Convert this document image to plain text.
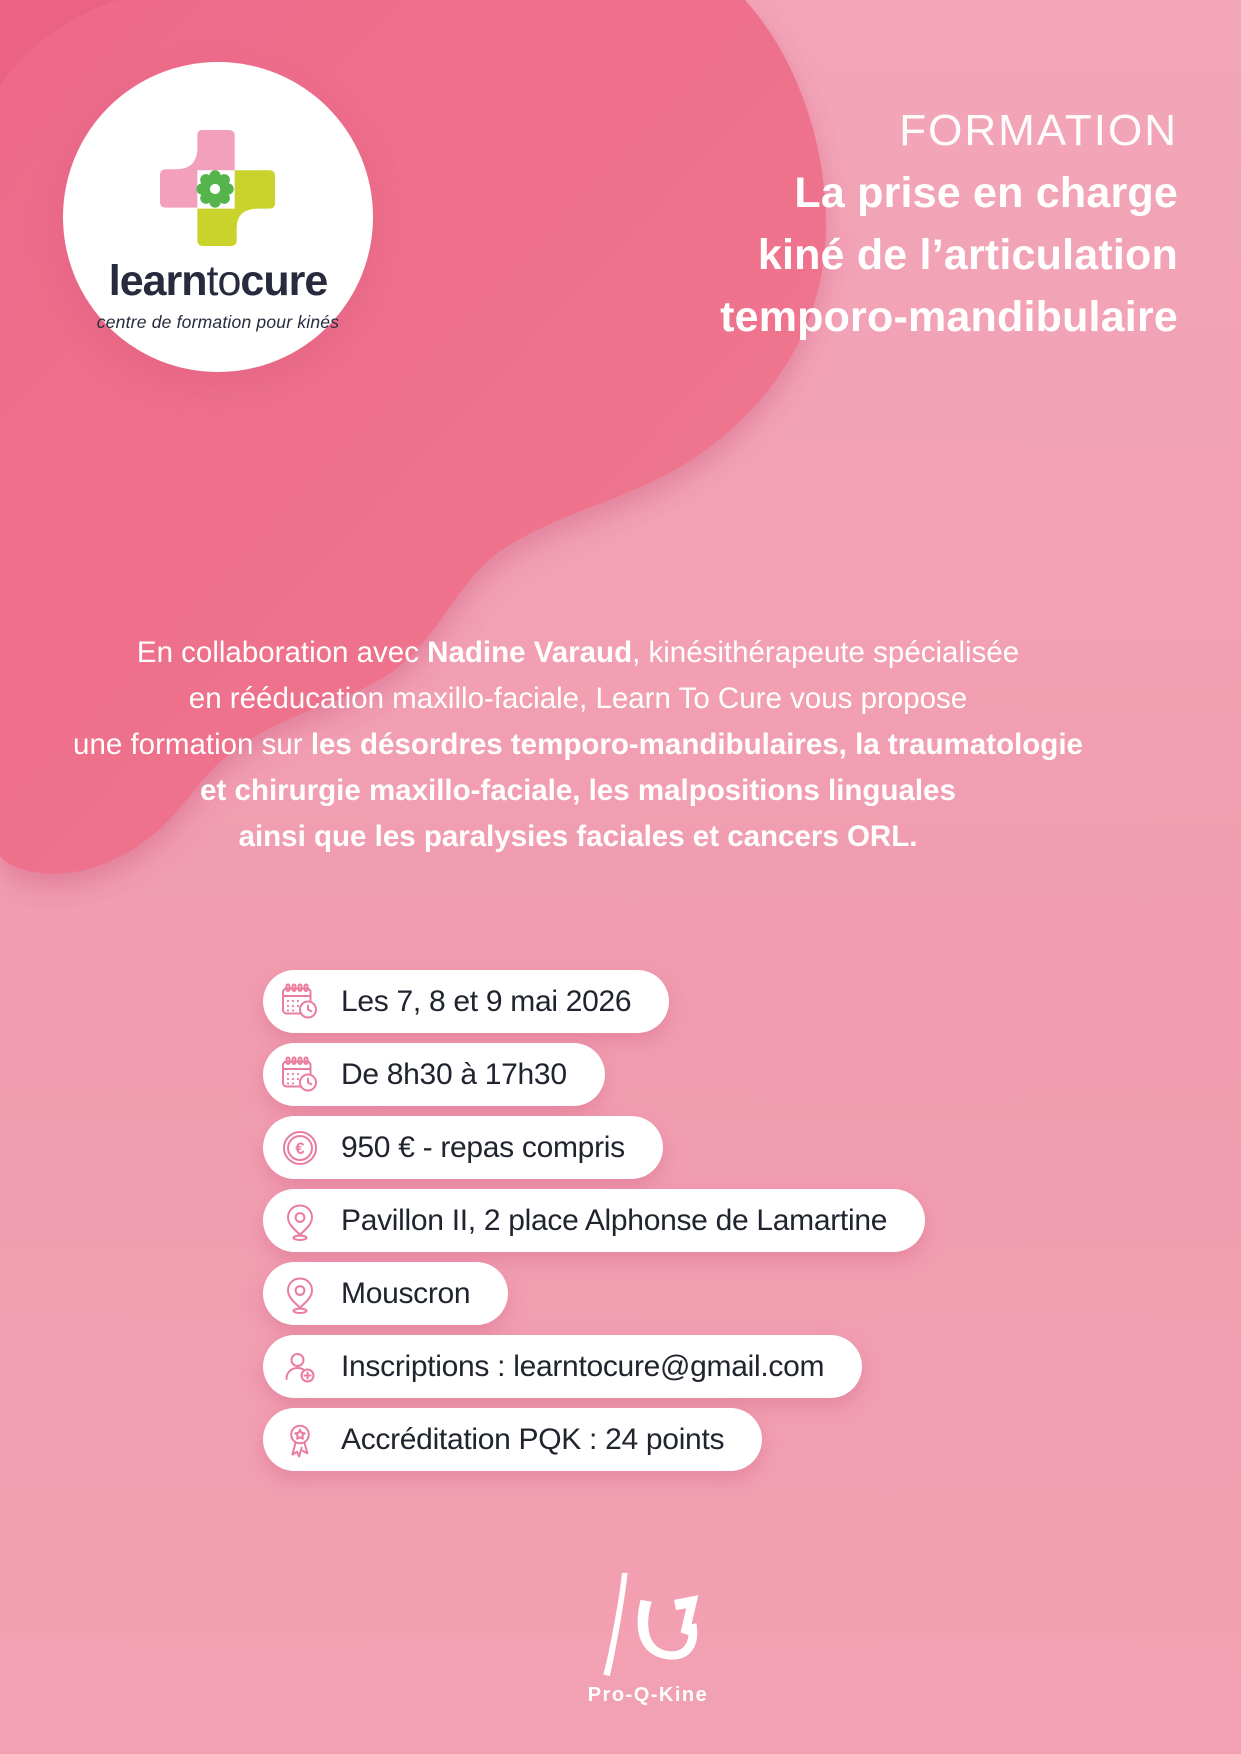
learntocure
centre de formation pour kinés
FORMATION
La prise en charge
kiné de l’articulation
temporo-mandibulaire
En collaboration avec Nadine Varaud, kinésithérapeute spécialisée
en rééducation maxillo-faciale, Learn To Cure vous propose
une formation sur les désordres temporo-mandibulaires, la traumatologie
et chirurgie maxillo-faciale, les malpositions linguales
ainsi que les paralysies faciales et cancers ORL.
Les 7, 8 et 9 mai 2026
De 8h30 à 17h30
950 € - repas compris
Pavillon II, 2 place Alphonse de Lamartine
Mouscron
Inscriptions : learntocure@gmail.com
Accréditation PQK : 24 points
Pro-Q-Kine
